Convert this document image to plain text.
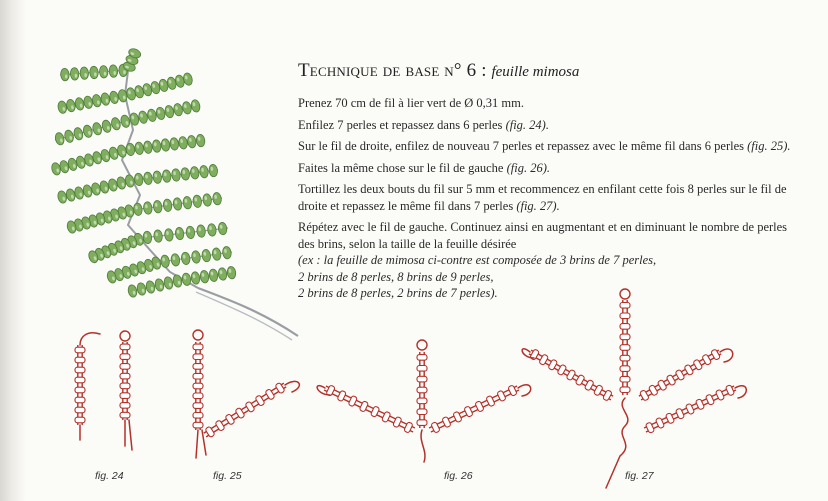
Technique de base n° 6 : feuille mimosa

Prenez 70 cm de fil à lier vert de Ø 0,31 mm.

Enfilez 7 perles et repassez dans 6 perles (fig. 24).

Sur le fil de droite, enfilez de nouveau 7 perles et repassez avec le même fil dans 6 perles (fig. 25).

Faites la même chose sur le fil de gauche (fig. 26).

Tortillez les deux bouts du fil sur 5 mm et recommencez en enfilant cette fois 8 perles sur le fil de droite et repassez le même fil dans 7 perles (fig. 27).

Répétez avec le fil de gauche. Continuez ainsi en augmentant et en diminuant le nombre de perles des brins, selon la taille de la feuille désirée

(ex : la feuille de mimosa ci-contre est composée de 3 brins de 7 perles,
2 brins de 8 perles, 8 brins de 9 perles,
2 brins de 8 perles, 2 brins de 7 perles).

fig. 24	fig. 25	fig. 26	fig. 27
